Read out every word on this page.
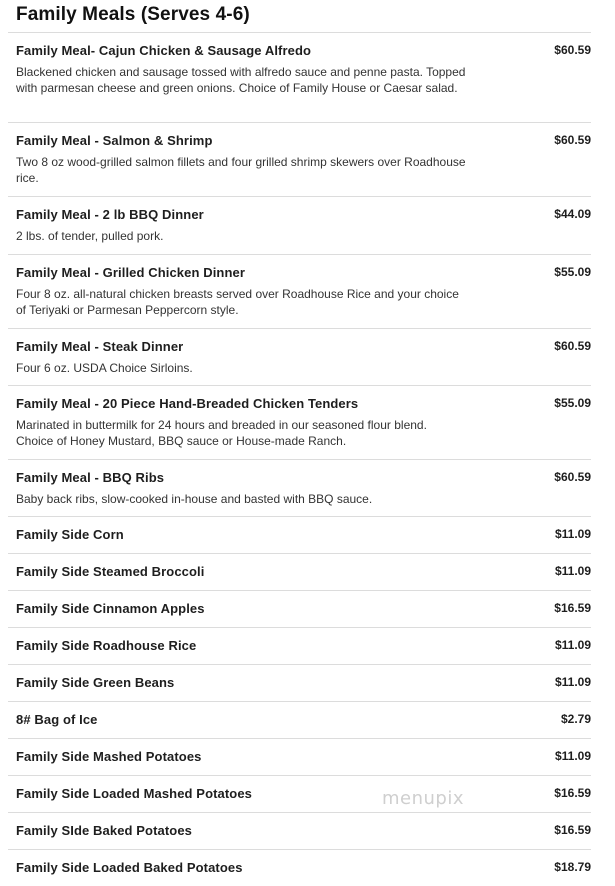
Family Meals (Serves 4-6)
Family Meal- Cajun Chicken & Sausage Alfredo	$60.59
Blackened chicken and sausage tossed with alfredo sauce and penne pasta. Topped with parmesan cheese and green onions. Choice of Family House or Caesar salad.
Family Meal - Salmon & Shrimp	$60.59
Two 8 oz wood-grilled salmon fillets and four grilled shrimp skewers over Roadhouse rice.
Family Meal - 2 lb BBQ Dinner	$44.09
2 lbs. of tender, pulled pork.
Family Meal - Grilled Chicken Dinner	$55.09
Four 8 oz. all-natural chicken breasts served over Roadhouse Rice and your choice of Teriyaki or Parmesan Peppercorn style.
Family Meal - Steak Dinner	$60.59
Four 6 oz. USDA Choice Sirloins.
Family Meal - 20 Piece Hand-Breaded Chicken Tenders	$55.09
Marinated in buttermilk for 24 hours and breaded in our seasoned flour blend. Choice of Honey Mustard, BBQ sauce or House-made Ranch.
Family Meal - BBQ Ribs	$60.59
Baby back ribs, slow-cooked in-house and basted with BBQ sauce.
Family Side Corn	$11.09
Family Side Steamed Broccoli	$11.09
Family Side Cinnamon Apples	$16.59
Family Side Roadhouse Rice	$11.09
Family Side Green Beans	$11.09
8# Bag of Ice	$2.79
Family Side Mashed Potatoes	$11.09
Family Side Loaded Mashed Potatoes	$16.59
Family SIde Baked Potatoes	$16.59
Family Side Loaded Baked Potatoes	$18.79
menupix
